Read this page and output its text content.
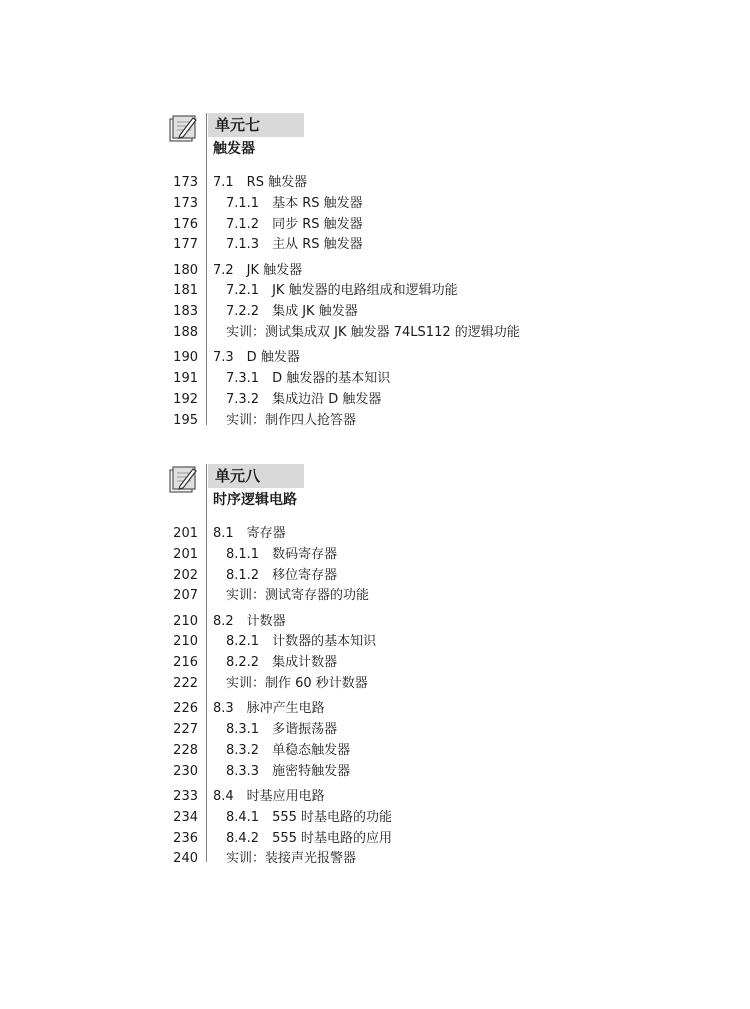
单元七
触发器
173 7.1　RS 触发器
173 7.1.1　基本 RS 触发器
176 7.1.2　同步 RS 触发器
177 7.1.3　主从 RS 触发器
180 7.2　JK 触发器
181 7.2.1　JK 触发器的电路组成和逻辑功能
183 7.2.2　集成 JK 触发器
188 实训：测试集成双 JK 触发器 74LS112 的逻辑功能
190 7.3　D 触发器
191 7.3.1　D 触发器的基本知识
192 7.3.2　集成边沿 D 触发器
195 实训：制作四人抢答器
单元八
时序逻辑电路
201 8.1　寄存器
201 8.1.1　数码寄存器
202 8.1.2　移位寄存器
207 实训：测试寄存器的功能
210 8.2　计数器
210 8.2.1　计数器的基本知识
216 8.2.2　集成计数器
222 实训：制作 60 秒计数器
226 8.3　脉冲产生电路
227 8.3.1　多谐振荡器
228 8.3.2　单稳态触发器
230 8.3.3　施密特触发器
233 8.4　时基应用电路
234 8.4.1　555 时基电路的功能
236 8.4.2　555 时基电路的应用
240 实训：装接声光报警器
